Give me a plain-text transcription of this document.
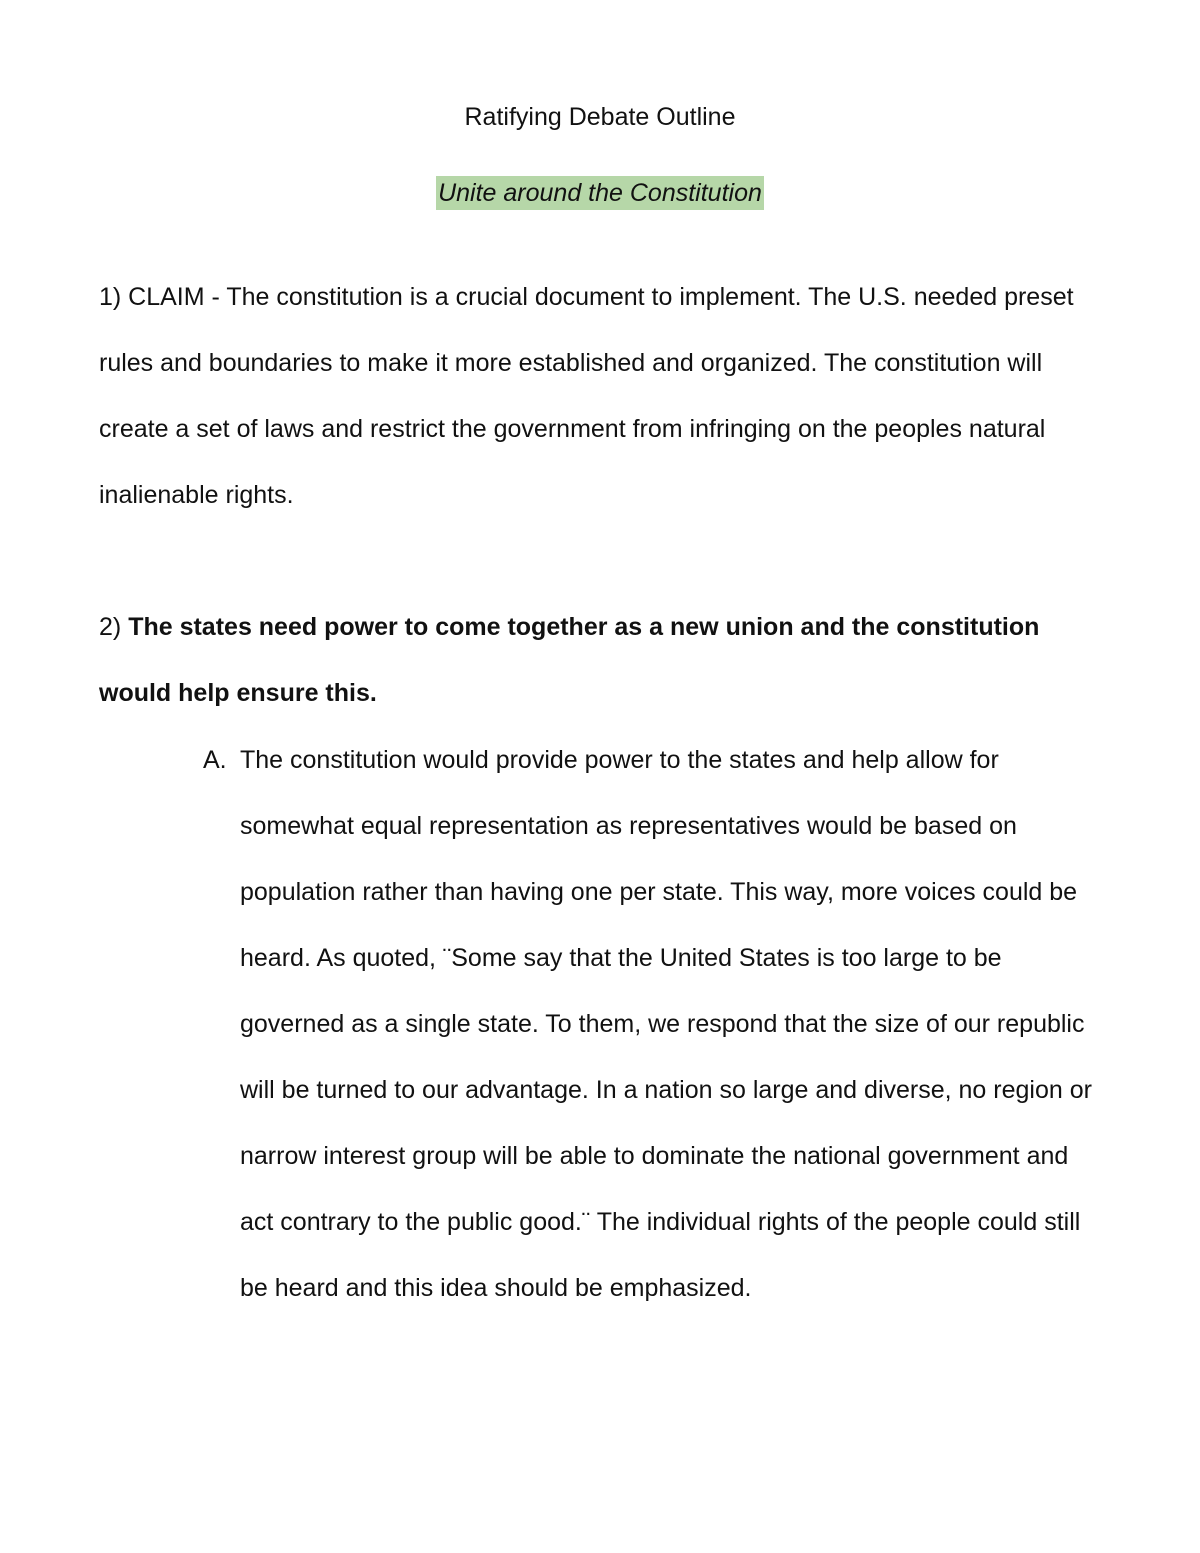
Ratifying Debate Outline
Unite around the Constitution

1) CLAIM - The constitution is a crucial document to implement. The U.S. needed preset rules and boundaries to make it more established and organized. The constitution will create a set of laws and restrict the government from infringing on the peoples natural inalienable rights.

2) The states need power to come together as a new union and the constitution would help ensure this.

A. The constitution would provide power to the states and help allow for somewhat equal representation as representatives would be based on population rather than having one per state. This way, more voices could be heard. As quoted, ¨Some say that the United States is too large to be governed as a single state. To them, we respond that the size of our republic will be turned to our advantage. In a nation so large and diverse, no region or narrow interest group will be able to dominate the national government and act contrary to the public good.¨ The individual rights of the people could still be heard and this idea should be emphasized.
